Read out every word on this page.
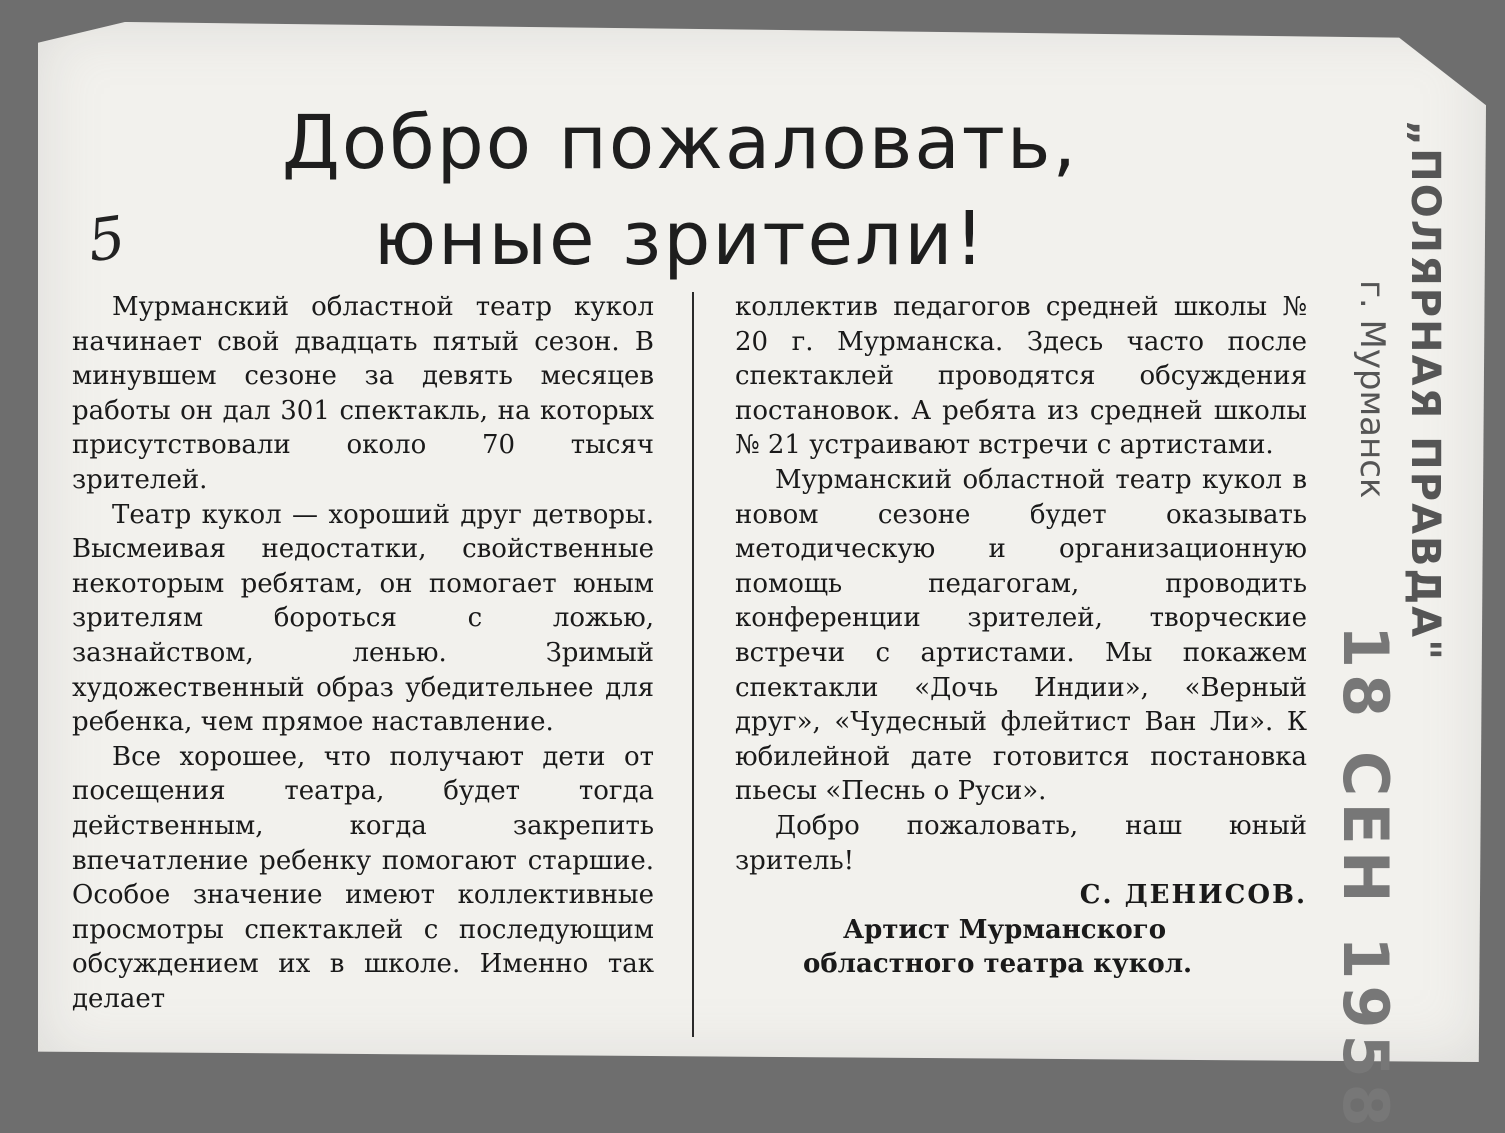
5
Добро пожаловать,
юные зрители!

Мурманский областной театр кукол начинает свой двадцать пятый сезон. В минувшем сезоне за девять месяцев работы он дал 301 спектакль, на которых присутствовали около 70 тысяч зрителей.

Театр кукол — хороший друг детворы. Высмеивая недостатки, свойственные некоторым ребятам, он помогает юным зрителям бороться с ложью, зазнайством, ленью. Зримый художественный образ убедительнее для ребенка, чем прямое наставление.

Все хорошее, что получают дети от посещения театра, будет тогда действенным, когда закрепить впечатление ребенку помогают старшие. Особое значение имеют коллективные просмотры спектаклей с последующим обсуждением их в школе. Именно так делает

коллектив педагогов средней школы № 20 г. Мурманска. Здесь часто после спектаклей проводятся обсуждения постановок. А ребята из средней школы № 21 устраивают встречи с артистами.

Мурманский областной театр кукол в новом сезоне будет оказывать методическую и организационную помощь педагогам, проводить конференции зрителей, творческие встречи с артистами. Мы покажем спектакли «Дочь Индии», «Верный друг», «Чудесный флейтист Ван Ли». К юбилейной дате готовится постановка пьесы «Песнь о Руси».

Добро пожаловать, наш юный зритель!

С. ДЕНИСОВ.

Артист Мурманского областного театра кукол.

„ПОЛЯРНАЯ ПРАВДА"
г. Мурманск
18 СЕН 1958
